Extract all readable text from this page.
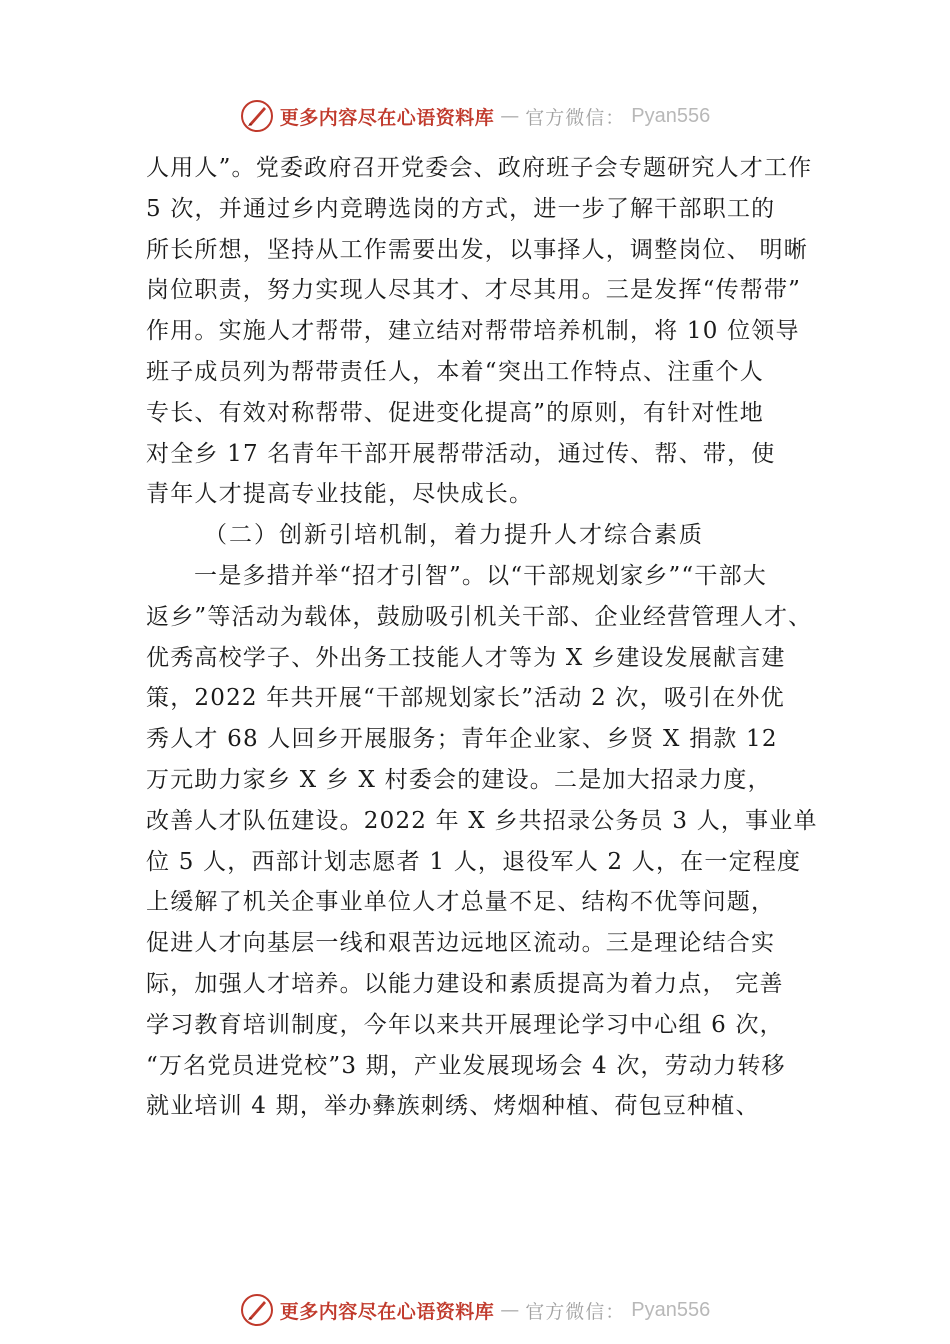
更多内容尽在心语资料库 — 官方微信： Pyan556
人用人”。党委政府召开党委会、政府班子会专题研究人才工作
5 次，并通过乡内竞聘选岗的方式，进一步了解干部职工的
所长所想，坚持从工作需要出发，以事择人，调整岗位、 明晰
岗位职责，努力实现人尽其才、才尽其用。三是发挥“传帮带”
作用。实施人才帮带，建立结对帮带培养机制，将 10 位领导
班子成员列为帮带责任人，本着“突出工作特点、注重个人
专长、有效对称帮带、促进变化提高”的原则，有针对性地
对全乡 17 名青年干部开展帮带活动，通过传、帮、带，使
青年人才提高专业技能，尽快成长。
（二）创新引培机制，着力提升人才综合素质
一是多措并举“招才引智”。以“干部规划家乡”“干部大
返乡”等活动为载体，鼓励吸引机关干部、企业经营管理人才、
优秀高校学子、外出务工技能人才等为 X 乡建设发展献言建
策，2022 年共开展“干部规划家长”活动 2 次，吸引在外优
秀人才 68 人回乡开展服务；青年企业家、乡贤 X 捐款 12
万元助力家乡 X 乡 X 村委会的建设。二是加大招录力度，
改善人才队伍建设。2022 年 X 乡共招录公务员 3 人，事业单
位 5 人，西部计划志愿者 1 人，退役军人 2 人，在一定程度
上缓解了机关企事业单位人才总量不足、结构不优等问题，
促进人才向基层一线和艰苦边远地区流动。三是理论结合实
际，加强人才培养。以能力建设和素质提高为着力点， 完善
学习教育培训制度，今年以来共开展理论学习中心组 6 次，
“万名党员进党校”3 期，产业发展现场会 4 次，劳动力转移
就业培训 4 期，举办彝族刺绣、烤烟种植、荷包豆种植、
更多内容尽在心语资料库 — 官方微信： Pyan556
